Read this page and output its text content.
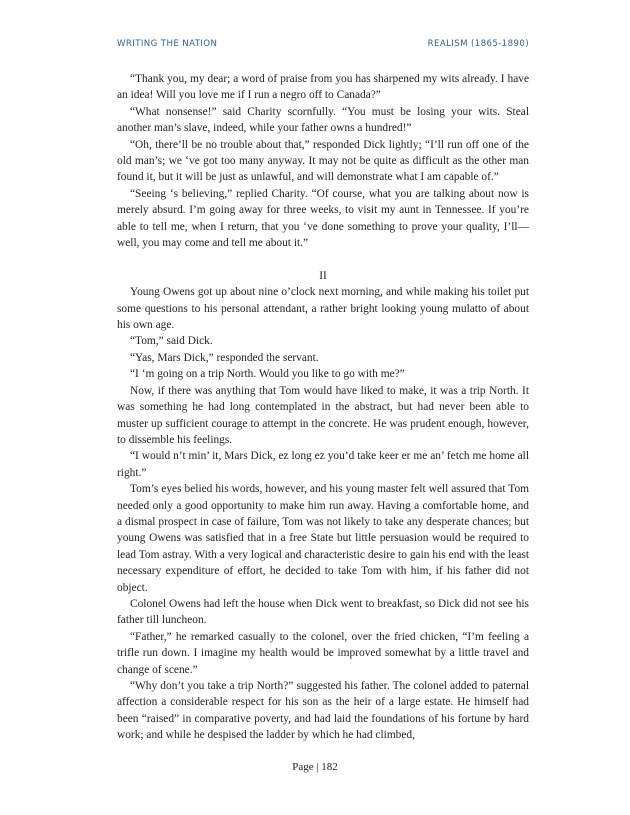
WRITING THE NATION	REALISM (1865-1890)

“Thank you, my dear; a word of praise from you has sharpened my wits already. I have an idea! Will you love me if I run a negro off to Canada?”

“What nonsense!” said Charity scornfully. “You must be losing your wits. Steal another man’s slave, indeed, while your father owns a hundred!”

“Oh, there’ll be no trouble about that,” responded Dick lightly; “I’ll run off one of the old man’s; we ‘ve got too many anyway. It may not be quite as difficult as the other man found it, but it will be just as unlawful, and will demonstrate what I am capable of.”

“Seeing ‘s believing,” replied Charity. “Of course, what you are talking about now is merely absurd. I’m going away for three weeks, to visit my aunt in Tennessee. If you’re able to tell me, when I return, that you ‘ve done something to prove your quality, I’ll—well, you may come and tell me about it.”

II

Young Owens got up about nine o’clock next morning, and while making his toilet put some questions to his personal attendant, a rather bright looking young mulatto of about his own age.

“Tom,” said Dick.

“Yas, Mars Dick,” responded the servant.

“I ‘m going on a trip North. Would you like to go with me?”

Now, if there was anything that Tom would have liked to make, it was a trip North. It was something he had long contemplated in the abstract, but had never been able to muster up sufficient courage to attempt in the concrete. He was prudent enough, however, to dissemble his feelings.

“I would n’t min’ it, Mars Dick, ez long ez you’d take keer er me an’ fetch me home all right.”

Tom’s eyes belied his words, however, and his young master felt well assured that Tom needed only a good opportunity to make him run away. Having a comfortable home, and a dismal prospect in case of failure, Tom was not likely to take any desperate chances; but young Owens was satisfied that in a free State but little persuasion would be required to lead Tom astray. With a very logical and characteristic desire to gain his end with the least necessary expenditure of effort, he decided to take Tom with him, if his father did not object.

Colonel Owens had left the house when Dick went to breakfast, so Dick did not see his father till luncheon.

“Father,” he remarked casually to the colonel, over the fried chicken, “I’m feeling a trifle run down. I imagine my health would be improved somewhat by a little travel and change of scene.”

“Why don’t you take a trip North?” suggested his father. The colonel added to paternal affection a considerable respect for his son as the heir of a large estate. He himself had been “raised” in comparative poverty, and had laid the foundations of his fortune by hard work; and while he despised the ladder by which he had climbed,

Page | 182
